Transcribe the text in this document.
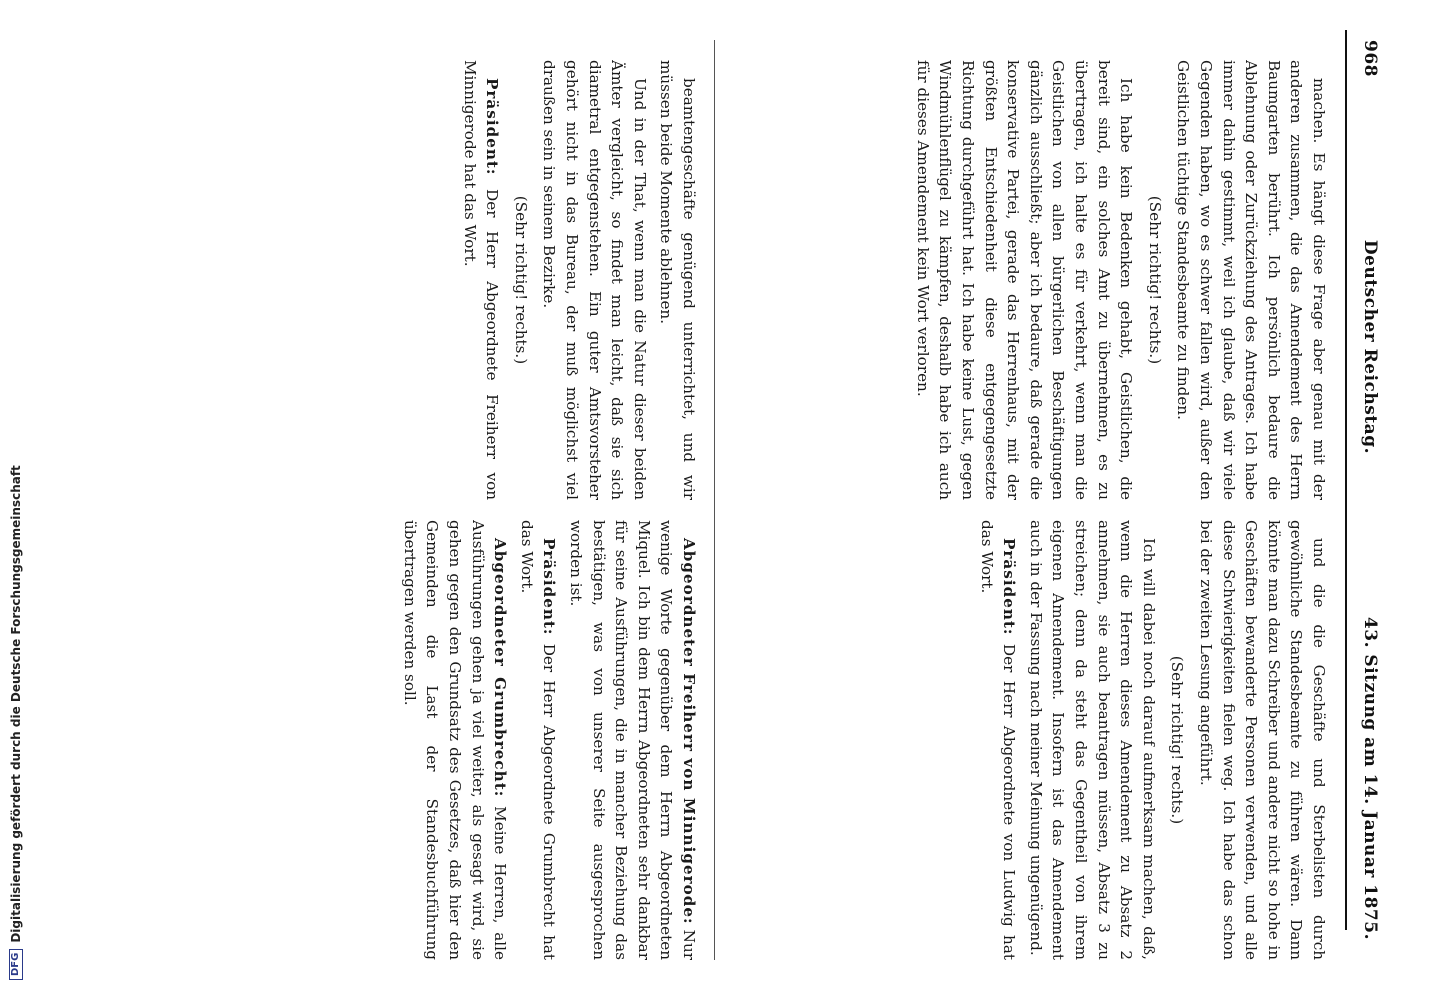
968
Deutscher Reichstag.
43. Sitzung am 14. Januar 1875.

machen. Es hängt diese Frage aber genau mit der anderen zusammen, die das Amendement des Herrn Baumgarten berührt. Ich persönlich bedaure die Ablehnung oder Zurückziehung des Antrages. Ich habe immer dahin gestimmt, weil ich glaube, daß wir viele Gegenden haben, wo es schwer fallen wird, außer den Geistlichen tüchtige Standesbeamte zu finden.

(Sehr richtig! rechts.)

Ich habe kein Bedenken gehabt, Geistlichen, die bereit sind, ein solches Amt zu übernehmen, es zu übertragen, ich halte es für verkehrt, wenn man die Geistlichen von allen bürgerlichen Beschäftigungen gänzlich ausschließt; aber ich bedaure, daß gerade die konservative Partei, gerade das Herrenhaus, mit der größten Entschiedenheit diese entgegengesetzte Richtung durchgeführt hat. Ich habe keine Lust, gegen Windmühlenflügel zu kämpfen, deshalb habe ich auch für dieses Amendement kein Wort verloren.

und die die Geschäfte und Sterbelisten durch gewöhnliche Standesbeamte zu führen wären. Dann könnte man dazu Schreiber und andere nicht so hohe in Geschäften bewanderte Personen verwenden, und alle diese Schwierigkeiten fielen weg. Ich habe das schon bei der zweiten Lesung angeführt.

(Sehr richtig! rechts.)

Ich will dabei noch darauf aufmerksam machen, daß, wenn die Herren dieses Amendement zu Absatz 2 annehmen, sie auch beantragen müssen, Absatz 3 zu streichen; denn da steht das Gegentheil von ihrem eigenen Amendement. Insofern ist das Amendement auch in der Fassung nach meiner Meinung ungenügend.

Präsident: Der Herr Abgeordnete von Ludwig hat das Wort.

beamtengeschäfte genügend unterrichtet, und wir müssen beide Momente ablehnen.

Und in der That, wenn man die Natur dieser beiden Ämter vergleicht, so findet man leicht, daß sie sich diametral entgegenstehen. Ein guter Amtsvorsteher gehört nicht in das Bureau, der muß möglichst viel draußen sein in seinem Bezirke.

(Sehr richtig! rechts.)

Präsident: Der Herr Abgeordnete Freiherr von Minnigerode hat das Wort.

Abgeordneter Freiherr von Minnigerode: Nur wenige Worte gegenüber dem Herrn Abgeordneten Miquel. Ich bin dem Herrn Abgeordneten sehr dankbar für seine Ausführungen, die in mancher Beziehung das bestätigen, was von unserer Seite ausgesprochen worden ist.

Präsident: Der Herr Abgeordnete Grumbrecht hat das Wort.

Abgeordneter Grumbrecht: Meine Herren, alle Ausführungen gehen ja viel weiter, als gesagt wird, sie gehen gegen den Grundsatz des Gesetzes, daß hier den Gemeinden die Last der Standesbuchführung übertragen werden soll.

DFG
Digitalisierung gefördert durch die Deutsche Forschungsgemeinschaft
